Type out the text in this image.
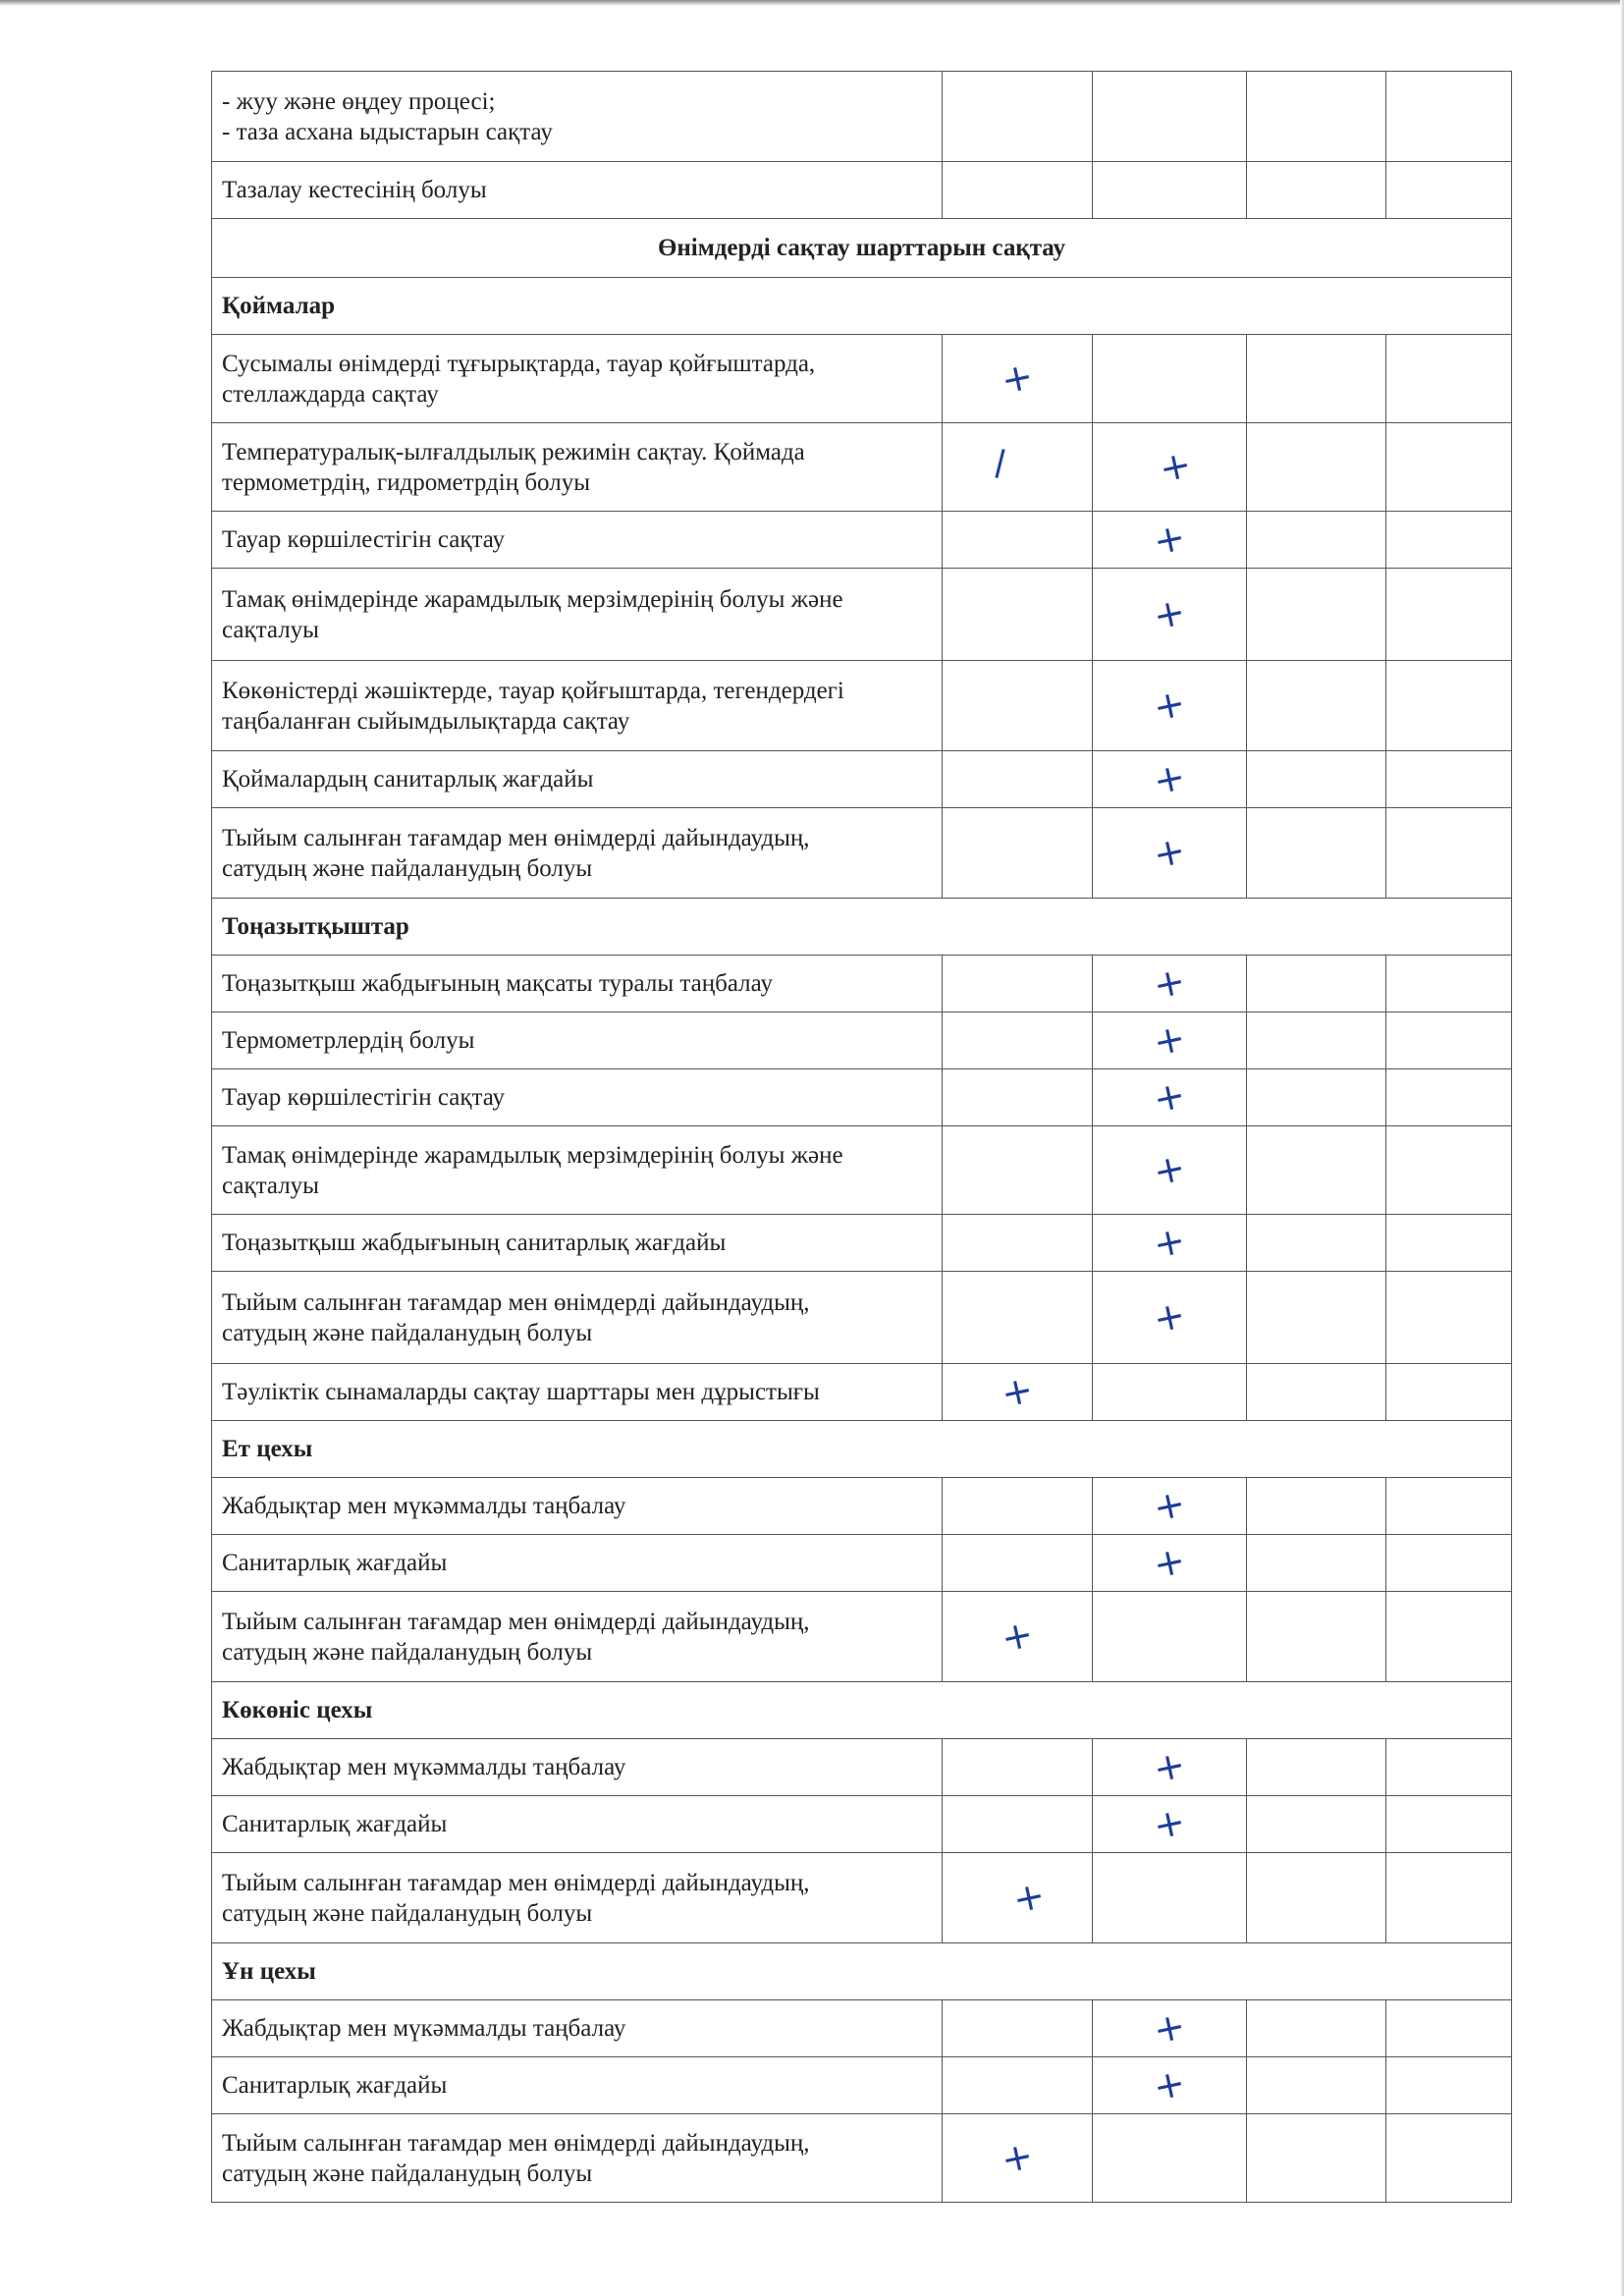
- жуу және өңдеу процесі;
- таза асхана ыдыстарын сақтау				

Тазалау кестесінің болуы				

Өнімдерді сақтау шарттарын сақтау				
Қоймалар				

Сусымалы өнімдерді тұғырықтарда, тауар қойғыштарда,
стеллаждарда сақтау	+			

Температуралық-ылғалдылық режимін сақтау. Қоймада
термометрдің, гидрометрдің болуы		+		

Тауар көршілестігін сақтау		+		

Тамақ өнімдерінде жарамдылық мерзімдерінің болуы және
сақталуы		+		

Көкөністерді жәшіктерде, тауар қойғыштарда, тегендердегі
таңбаланған сыйымдылықтарда сақтау		+		

Қоймалардың санитарлық жағдайы		+		

Тыйым салынған тағамдар мен өнімдерді дайындаудың,
сатудың және пайдаланудың болуы		+		
Тоңазытқыштар				

Тоңазытқыш жабдығының мақсаты туралы таңбалау		+		

Термометрлердің болуы		+		

Тауар көршілестігін сақтау		+		

Тамақ өнімдерінде жарамдылық мерзімдерінің болуы және
сақталуы		+		

Тоңазытқыш жабдығының санитарлық жағдайы		+		

Тыйым салынған тағамдар мен өнімдерді дайындаудың,
сатудың және пайдаланудың болуы		+		

Тәуліктік сынамаларды сақтау шарттары мен дұрыстығы	+			
Ет цехы				

Жабдықтар мен мүкәммалды таңбалау		+		

Санитарлық жағдайы		+		

Тыйым салынған тағамдар мен өнімдерді дайындаудың,
сатудың және пайдаланудың болуы	+			
Көкөніс цехы				

Жабдықтар мен мүкәммалды таңбалау		+		

Санитарлық жағдайы		+		

Тыйым салынған тағамдар мен өнімдерді дайындаудың,
сатудың және пайдаланудың болуы	+			
Ұн цехы				

Жабдықтар мен мүкәммалды таңбалау		+		

Санитарлық жағдайы		+		

Тыйым салынған тағамдар мен өнімдерді дайындаудың,
сатудың және пайдаланудың болуы	+			
